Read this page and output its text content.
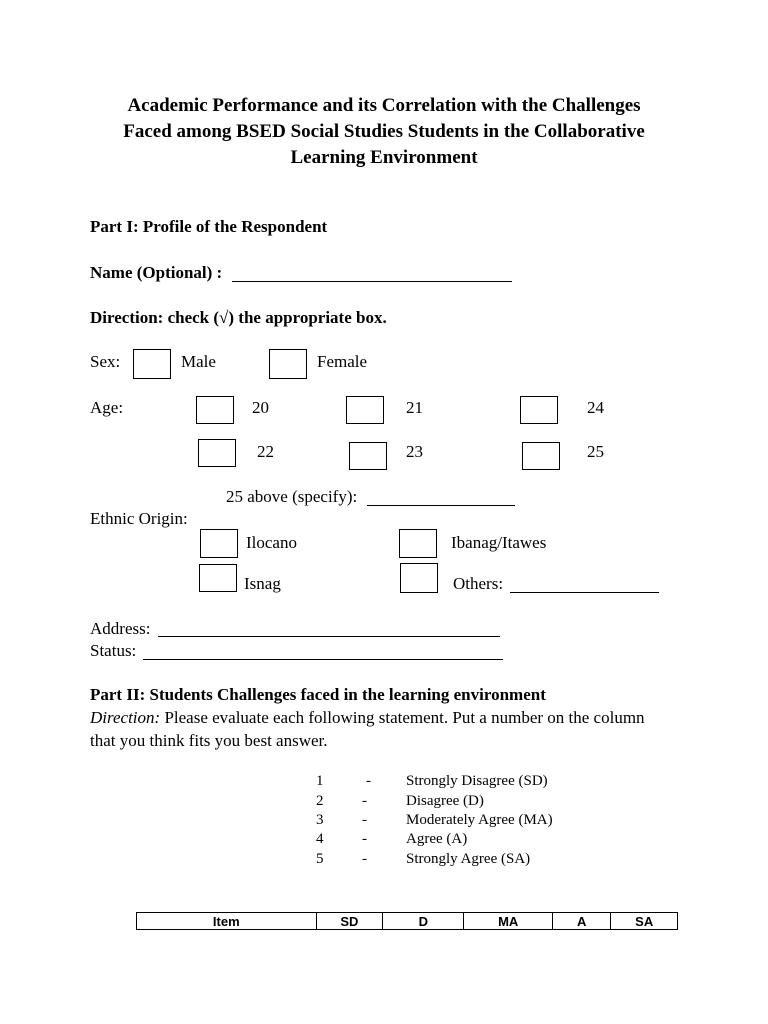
Academic Performance and its Correlation with the Challenges
Faced among BSED Social Studies Students in the Collaborative
Learning Environment
Part I: Profile of the Respondent
Name (Optional) :
Direction: check (√) the appropriate box.
Sex:	Male	Female
Age:	20	21	24
22	23	25
25 above (specify):
Ethnic Origin:
Ilocano	Ibanag/Itawes
Isnag	Others:
Address:
Status:
Part II: Students Challenges faced in the learning environment
Direction: Please evaluate each following statement. Put a number on the column
that you think fits you best answer.
1	- Strongly Disagree (SD)
2	-	Disagree (D)
3	-	Moderately Agree (MA)
4	-	Agree (A)
5	-	Strongly Agree (SA)
Item	SD	D	MA	A	SA
